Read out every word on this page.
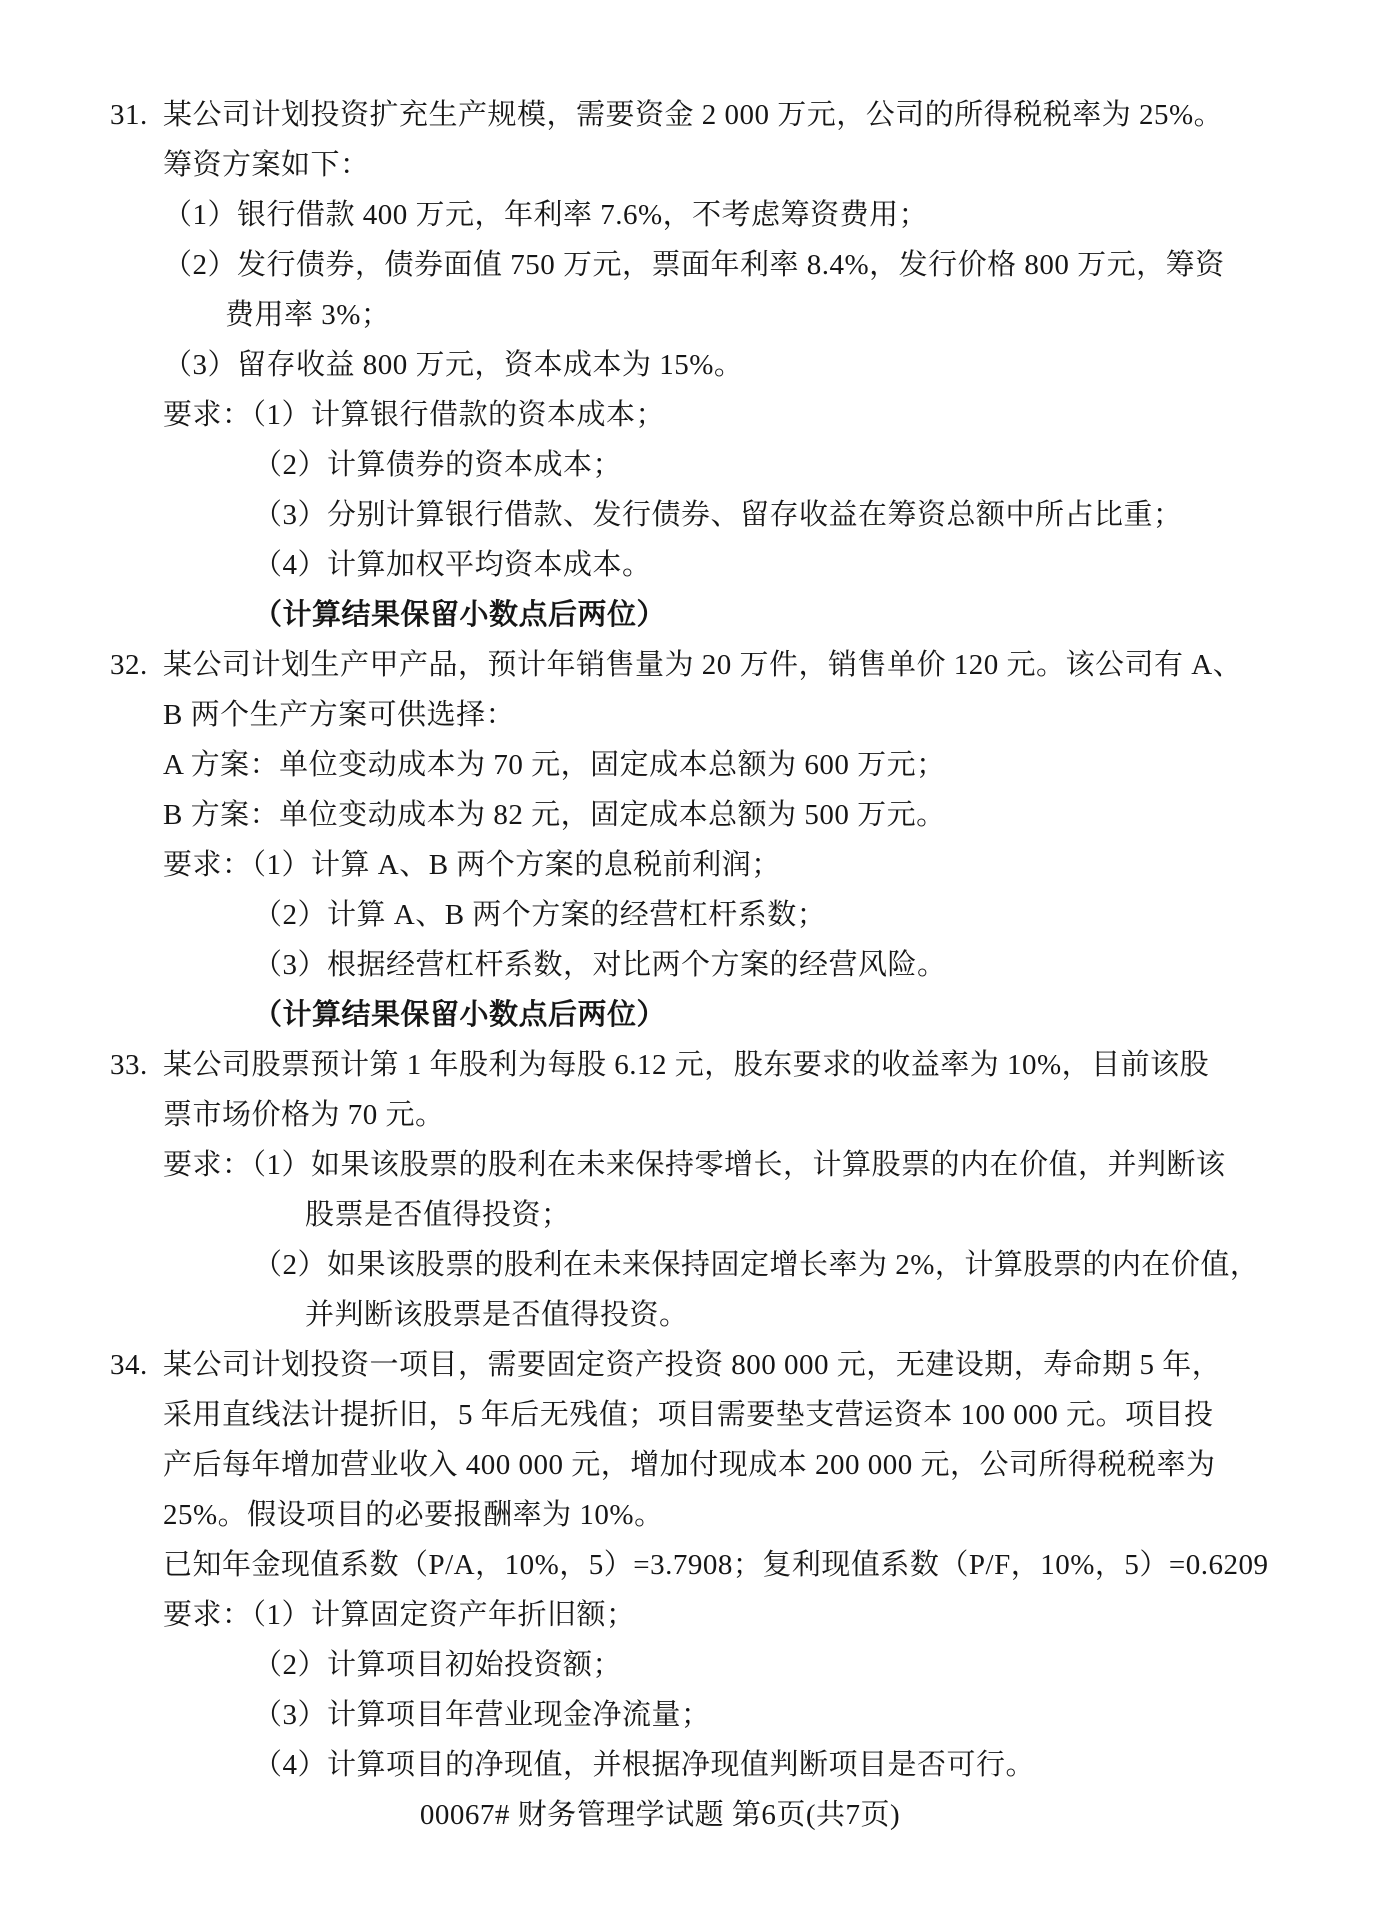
31. 某公司计划投资扩充生产规模，需要资金 2 000 万元，公司的所得税税率为 25%。
筹资方案如下：
（1）银行借款 400 万元，年利率 7.6%，不考虑筹资费用；
（2）发行债券，债券面值 750 万元，票面年利率 8.4%，发行价格 800 万元，筹资
费用率 3%；
（3）留存收益 800 万元，资本成本为 15%。
要求：（1）计算银行借款的资本成本；
（2）计算债券的资本成本；
（3）分别计算银行借款、发行债券、留存收益在筹资总额中所占比重；
（4）计算加权平均资本成本。
（计算结果保留小数点后两位）
32. 某公司计划生产甲产品，预计年销售量为 20 万件，销售单价 120 元。该公司有 A、
B 两个生产方案可供选择：
A 方案：单位变动成本为 70 元，固定成本总额为 600 万元；
B 方案：单位变动成本为 82 元，固定成本总额为 500 万元。
要求：（1）计算 A、B 两个方案的息税前利润；
（2）计算 A、B 两个方案的经营杠杆系数；
（3）根据经营杠杆系数，对比两个方案的经营风险。
（计算结果保留小数点后两位）
33. 某公司股票预计第 1 年股利为每股 6.12 元，股东要求的收益率为 10%，目前该股
票市场价格为 70 元。
要求：（1）如果该股票的股利在未来保持零增长，计算股票的内在价值，并判断该
股票是否值得投资；
（2）如果该股票的股利在未来保持固定增长率为 2%，计算股票的内在价值，
并判断该股票是否值得投资。
34. 某公司计划投资一项目，需要固定资产投资 800 000 元，无建设期，寿命期 5 年，
采用直线法计提折旧，5 年后无残值；项目需要垫支营运资本 100 000 元。项目投
产后每年增加营业收入 400 000 元，增加付现成本 200 000 元，公司所得税税率为
25%。假设项目的必要报酬率为 10%。
已知年金现值系数（P/A，10%，5）=3.7908；复利现值系数（P/F，10%，5）=0.6209
要求：（1）计算固定资产年折旧额；
（2）计算项目初始投资额；
（3）计算项目年营业现金净流量；
（4）计算项目的净现值，并根据净现值判断项目是否可行。
00067# 财务管理学试题 第6页(共7页)
